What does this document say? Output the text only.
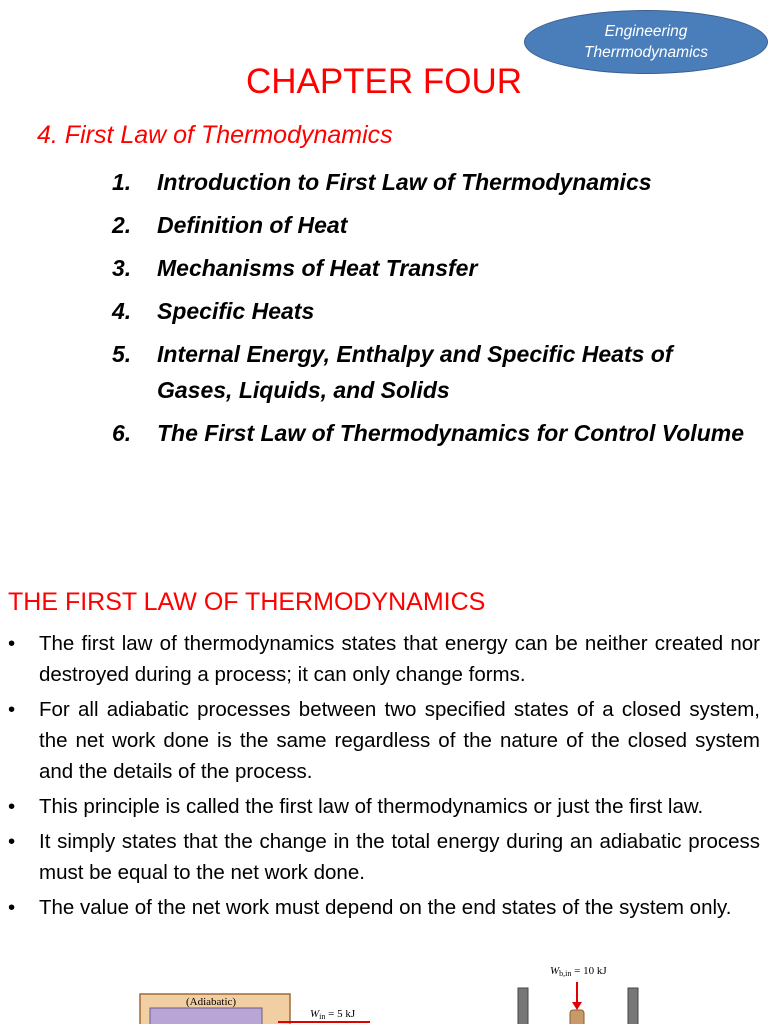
Engineering
Therrmodynamics
CHAPTER FOUR
4. First Law of Thermodynamics
1.	Introduction to First Law of Thermodynamics
2.	Definition of Heat
3.	Mechanisms of Heat Transfer
4.	Specific Heats
5.	Internal Energy, Enthalpy and Specific Heats of Gases, Liquids, and Solids
6.	The First Law of Thermodynamics for Control Volume
THE FIRST LAW OF THERMODYNAMICS
•	The first law of thermodynamics states that energy can be neither created nor destroyed during a process; it can only change forms.
•	For all adiabatic processes between two specified states of a closed system, the net work done is the same regardless of the nature of the closed system and the details of the process.
•	This principle is called the first law of thermodynamics or just the first law.
•	It simply states that the change in the total energy during an adiabatic process must be equal to the net work done.
•	The value of the net work must depend on the end states of the system only.
(Adiabatic)
Win = 5 kJ
Wb,in = 10 kJ
